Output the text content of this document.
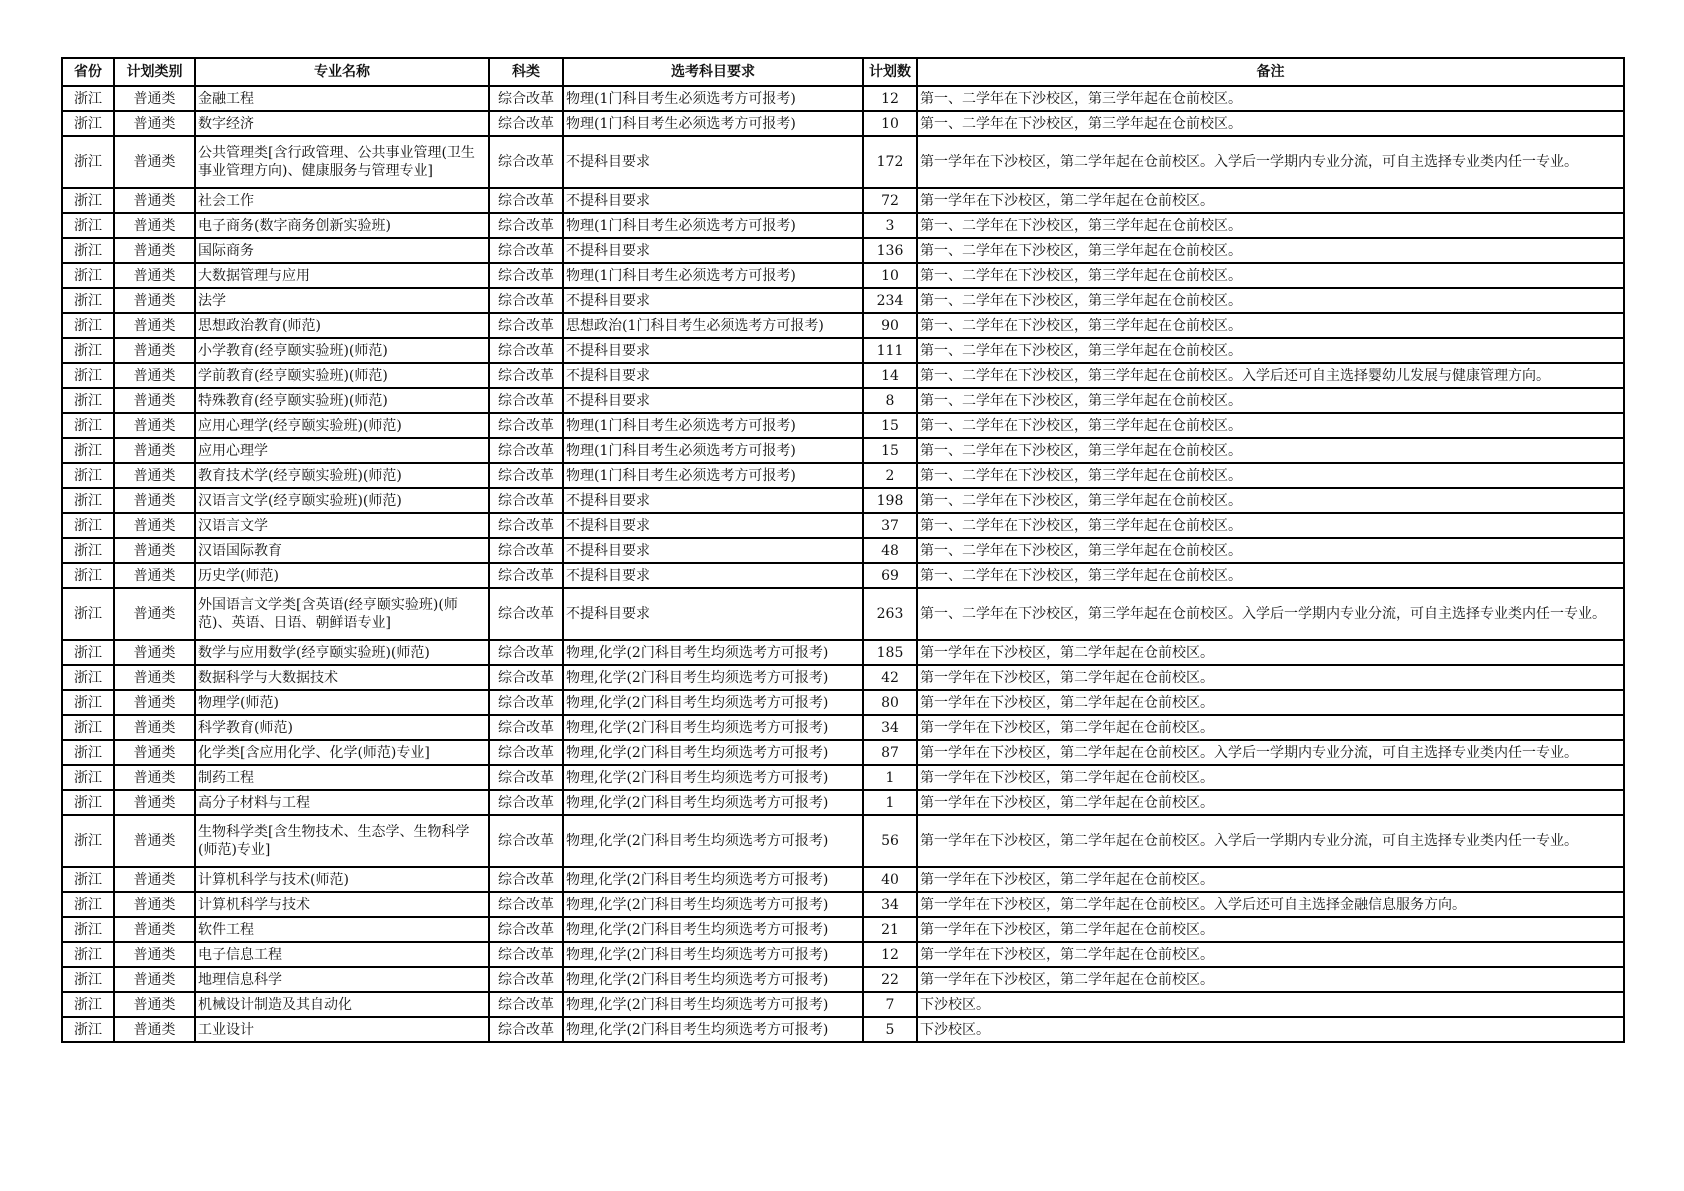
省份	计划类别	专业名称	科类	选考科目要求	计划数	备注
浙江	普通类	金融工程	综合改革	物理(1门科目考生必须选考方可报考)	12	第一、二学年在下沙校区，第三学年起在仓前校区。
浙江	普通类	数字经济	综合改革	物理(1门科目考生必须选考方可报考)	10	第一、二学年在下沙校区，第三学年起在仓前校区。
浙江	普通类	公共管理类[含行政管理、公共事业管理(卫生事业管理方向)、健康服务与管理专业]	综合改革	不提科目要求	172	第一学年在下沙校区，第二学年起在仓前校区。入学后一学期内专业分流，可自主选择专业类内任一专业。
浙江	普通类	社会工作	综合改革	不提科目要求	72	第一学年在下沙校区，第二学年起在仓前校区。
浙江	普通类	电子商务(数字商务创新实验班)	综合改革	物理(1门科目考生必须选考方可报考)	3	第一、二学年在下沙校区，第三学年起在仓前校区。
浙江	普通类	国际商务	综合改革	不提科目要求	136	第一、二学年在下沙校区，第三学年起在仓前校区。
浙江	普通类	大数据管理与应用	综合改革	物理(1门科目考生必须选考方可报考)	10	第一、二学年在下沙校区，第三学年起在仓前校区。
浙江	普通类	法学	综合改革	不提科目要求	234	第一、二学年在下沙校区，第三学年起在仓前校区。
浙江	普通类	思想政治教育(师范)	综合改革	思想政治(1门科目考生必须选考方可报考)	90	第一、二学年在下沙校区，第三学年起在仓前校区。
浙江	普通类	小学教育(经亨颐实验班)(师范)	综合改革	不提科目要求	111	第一、二学年在下沙校区，第三学年起在仓前校区。
浙江	普通类	学前教育(经亨颐实验班)(师范)	综合改革	不提科目要求	14	第一、二学年在下沙校区，第三学年起在仓前校区。入学后还可自主选择婴幼儿发展与健康管理方向。
浙江	普通类	特殊教育(经亨颐实验班)(师范)	综合改革	不提科目要求	8	第一、二学年在下沙校区，第三学年起在仓前校区。
浙江	普通类	应用心理学(经亨颐实验班)(师范)	综合改革	物理(1门科目考生必须选考方可报考)	15	第一、二学年在下沙校区，第三学年起在仓前校区。
浙江	普通类	应用心理学	综合改革	物理(1门科目考生必须选考方可报考)	15	第一、二学年在下沙校区，第三学年起在仓前校区。
浙江	普通类	教育技术学(经亨颐实验班)(师范)	综合改革	物理(1门科目考生必须选考方可报考)	2	第一、二学年在下沙校区，第三学年起在仓前校区。
浙江	普通类	汉语言文学(经亨颐实验班)(师范)	综合改革	不提科目要求	198	第一、二学年在下沙校区，第三学年起在仓前校区。
浙江	普通类	汉语言文学	综合改革	不提科目要求	37	第一、二学年在下沙校区，第三学年起在仓前校区。
浙江	普通类	汉语国际教育	综合改革	不提科目要求	48	第一、二学年在下沙校区，第三学年起在仓前校区。
浙江	普通类	历史学(师范)	综合改革	不提科目要求	69	第一、二学年在下沙校区，第三学年起在仓前校区。
浙江	普通类	外国语言文学类[含英语(经亨颐实验班)(师范)、英语、日语、朝鲜语专业]	综合改革	不提科目要求	263	第一、二学年在下沙校区，第三学年起在仓前校区。入学后一学期内专业分流，可自主选择专业类内任一专业。
浙江	普通类	数学与应用数学(经亨颐实验班)(师范)	综合改革	物理,化学(2门科目考生均须选考方可报考)	185	第一学年在下沙校区，第二学年起在仓前校区。
浙江	普通类	数据科学与大数据技术	综合改革	物理,化学(2门科目考生均须选考方可报考)	42	第一学年在下沙校区，第二学年起在仓前校区。
浙江	普通类	物理学(师范)	综合改革	物理,化学(2门科目考生均须选考方可报考)	80	第一学年在下沙校区，第二学年起在仓前校区。
浙江	普通类	科学教育(师范)	综合改革	物理,化学(2门科目考生均须选考方可报考)	34	第一学年在下沙校区，第二学年起在仓前校区。
浙江	普通类	化学类[含应用化学、化学(师范)专业]	综合改革	物理,化学(2门科目考生均须选考方可报考)	87	第一学年在下沙校区，第二学年起在仓前校区。入学后一学期内专业分流，可自主选择专业类内任一专业。
浙江	普通类	制药工程	综合改革	物理,化学(2门科目考生均须选考方可报考)	1	第一学年在下沙校区，第二学年起在仓前校区。
浙江	普通类	高分子材料与工程	综合改革	物理,化学(2门科目考生均须选考方可报考)	1	第一学年在下沙校区，第二学年起在仓前校区。
浙江	普通类	生物科学类[含生物技术、生态学、生物科学(师范)专业]	综合改革	物理,化学(2门科目考生均须选考方可报考)	56	第一学年在下沙校区，第二学年起在仓前校区。入学后一学期内专业分流，可自主选择专业类内任一专业。
浙江	普通类	计算机科学与技术(师范)	综合改革	物理,化学(2门科目考生均须选考方可报考)	40	第一学年在下沙校区，第二学年起在仓前校区。
浙江	普通类	计算机科学与技术	综合改革	物理,化学(2门科目考生均须选考方可报考)	34	第一学年在下沙校区，第二学年起在仓前校区。入学后还可自主选择金融信息服务方向。
浙江	普通类	软件工程	综合改革	物理,化学(2门科目考生均须选考方可报考)	21	第一学年在下沙校区，第二学年起在仓前校区。
浙江	普通类	电子信息工程	综合改革	物理,化学(2门科目考生均须选考方可报考)	12	第一学年在下沙校区，第二学年起在仓前校区。
浙江	普通类	地理信息科学	综合改革	物理,化学(2门科目考生均须选考方可报考)	22	第一学年在下沙校区，第二学年起在仓前校区。
浙江	普通类	机械设计制造及其自动化	综合改革	物理,化学(2门科目考生均须选考方可报考)	7	下沙校区。
浙江	普通类	工业设计	综合改革	物理,化学(2门科目考生均须选考方可报考)	5	下沙校区。
